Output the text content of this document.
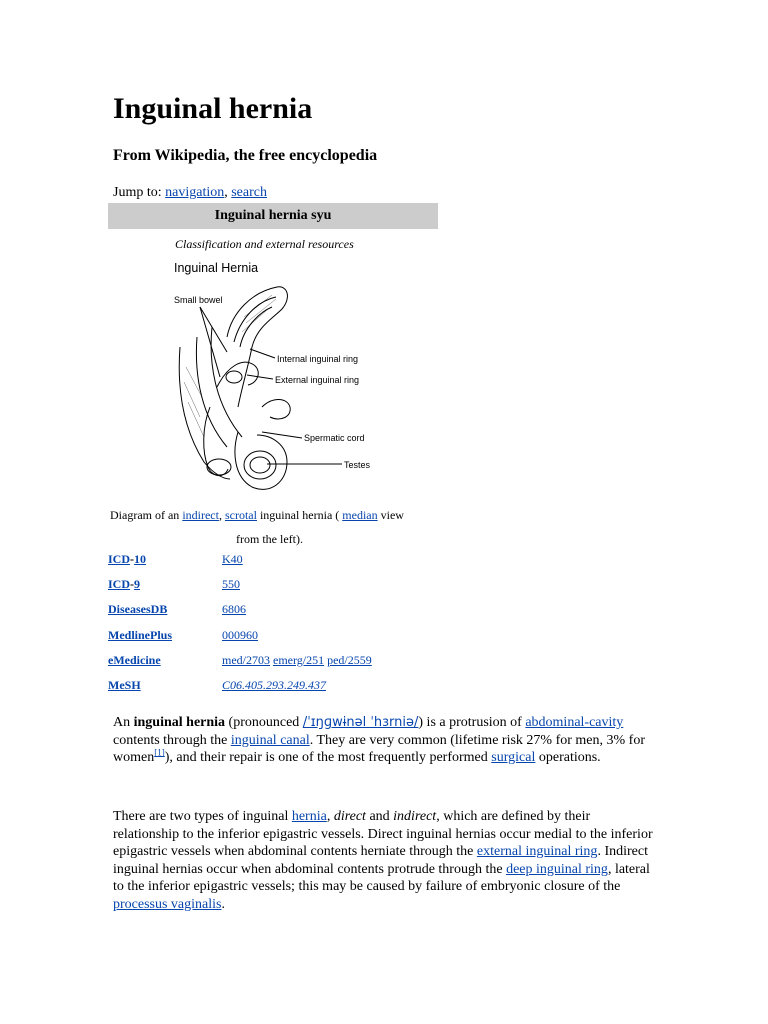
Inguinal hernia
From Wikipedia, the free encyclopedia
Jump to: navigation, search
Inguinal hernia syu
Classification and external resources
Inguinal Hernia
Small bowel
Internal inguinal ring
External inguinal ring
Spermatic cord
Testes
Diagram of an indirect, scrotal inguinal hernia ( median view
from the left).
ICD-10	K40
ICD-9	550
DiseasesDB	6806
MedlinePlus	000960
eMedicine	med/2703 emerg/251 ped/2559
MeSH	C06.405.293.249.437
An inguinal hernia (pronounced /ˈɪŋɡwɨnəl ˈhɜrniə/) is a protrusion of abdominal-cavity contents through the inguinal canal. They are very common (lifetime risk 27% for men, 3% for women[1]), and their repair is one of the most frequently performed surgical operations.
There are two types of inguinal hernia, direct and indirect, which are defined by their relationship to the inferior epigastric vessels. Direct inguinal hernias occur medial to the inferior epigastric vessels when abdominal contents herniate through the external inguinal ring. Indirect inguinal hernias occur when abdominal contents protrude through the deep inguinal ring, lateral to the inferior epigastric vessels; this may be caused by failure of embryonic closure of the processus vaginalis.
